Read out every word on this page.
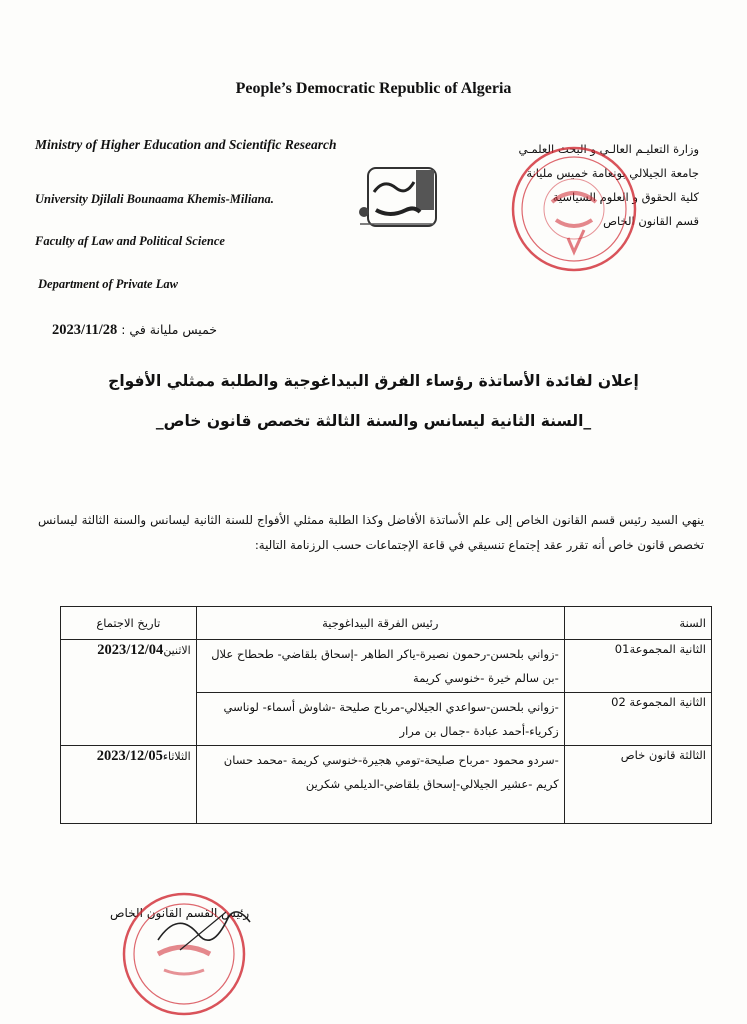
People’s Democratic Republic of Algeria
Ministry of Higher Education and Scientific Research
University Djilali Bounaama Khemis-Miliana.
Faculty af Law and Political Science
Department of Private Law
وزارة التعليـم العالـي و البحث العلمـي
جامعة الجيلالي بونعامة خميس مليانة
كلية الحقوق و العلوم السياسية
قسم القانون الخاص
خميس مليانة في : 2023/11/28
إعلان لفائدة الأساتذة رؤساء الفرق البيداغوجية والطلبة ممثلي الأفواج
_السنة الثانية ليسانس والسنة الثالثة تخصص قانون خاص_
ينهي السيد رئيس قسم القانون الخاص إلى علم الأساتذة الأفاضل وكذا الطلبة ممثلي الأفواج للسنة الثانية ليسانس والسنة الثالثة ليسانس تخصص قانون خاص أنه تقرر عقد إجتماع تنسيقي في قاعة الإجتماعات حسب الرزنامة التالية:
السنة	رئيس الفرقة البيداغوجية	تاريخ الاجتماع
الثانية المجموعة01	-زواني بلحسن-رحمون نصيرة-ياكر الطاهر -إسحاق بلقاضي- طحطاح علال -بن سالم خيرة -خنوسي كريمة	الاثنين2023/12/04
الثانية المجموعة 02	-زواني بلحسن-سواعدي الجيلالي-مرباح صليحة -شاوش أسماء- لوناسي زكرياء-أحمد عبادة -جمال بن مرار	
الثالثة قانون خاص	-سردو محمود -مرباح صليحة-تومي هجيرة-خنوسي كريمة -محمد حسان كريم -عشير الجيلالي-إسحاق بلقاضي-الديلمي شكرين	الثلاثاء2023/12/05
رئيس القسم القانون الخاص
